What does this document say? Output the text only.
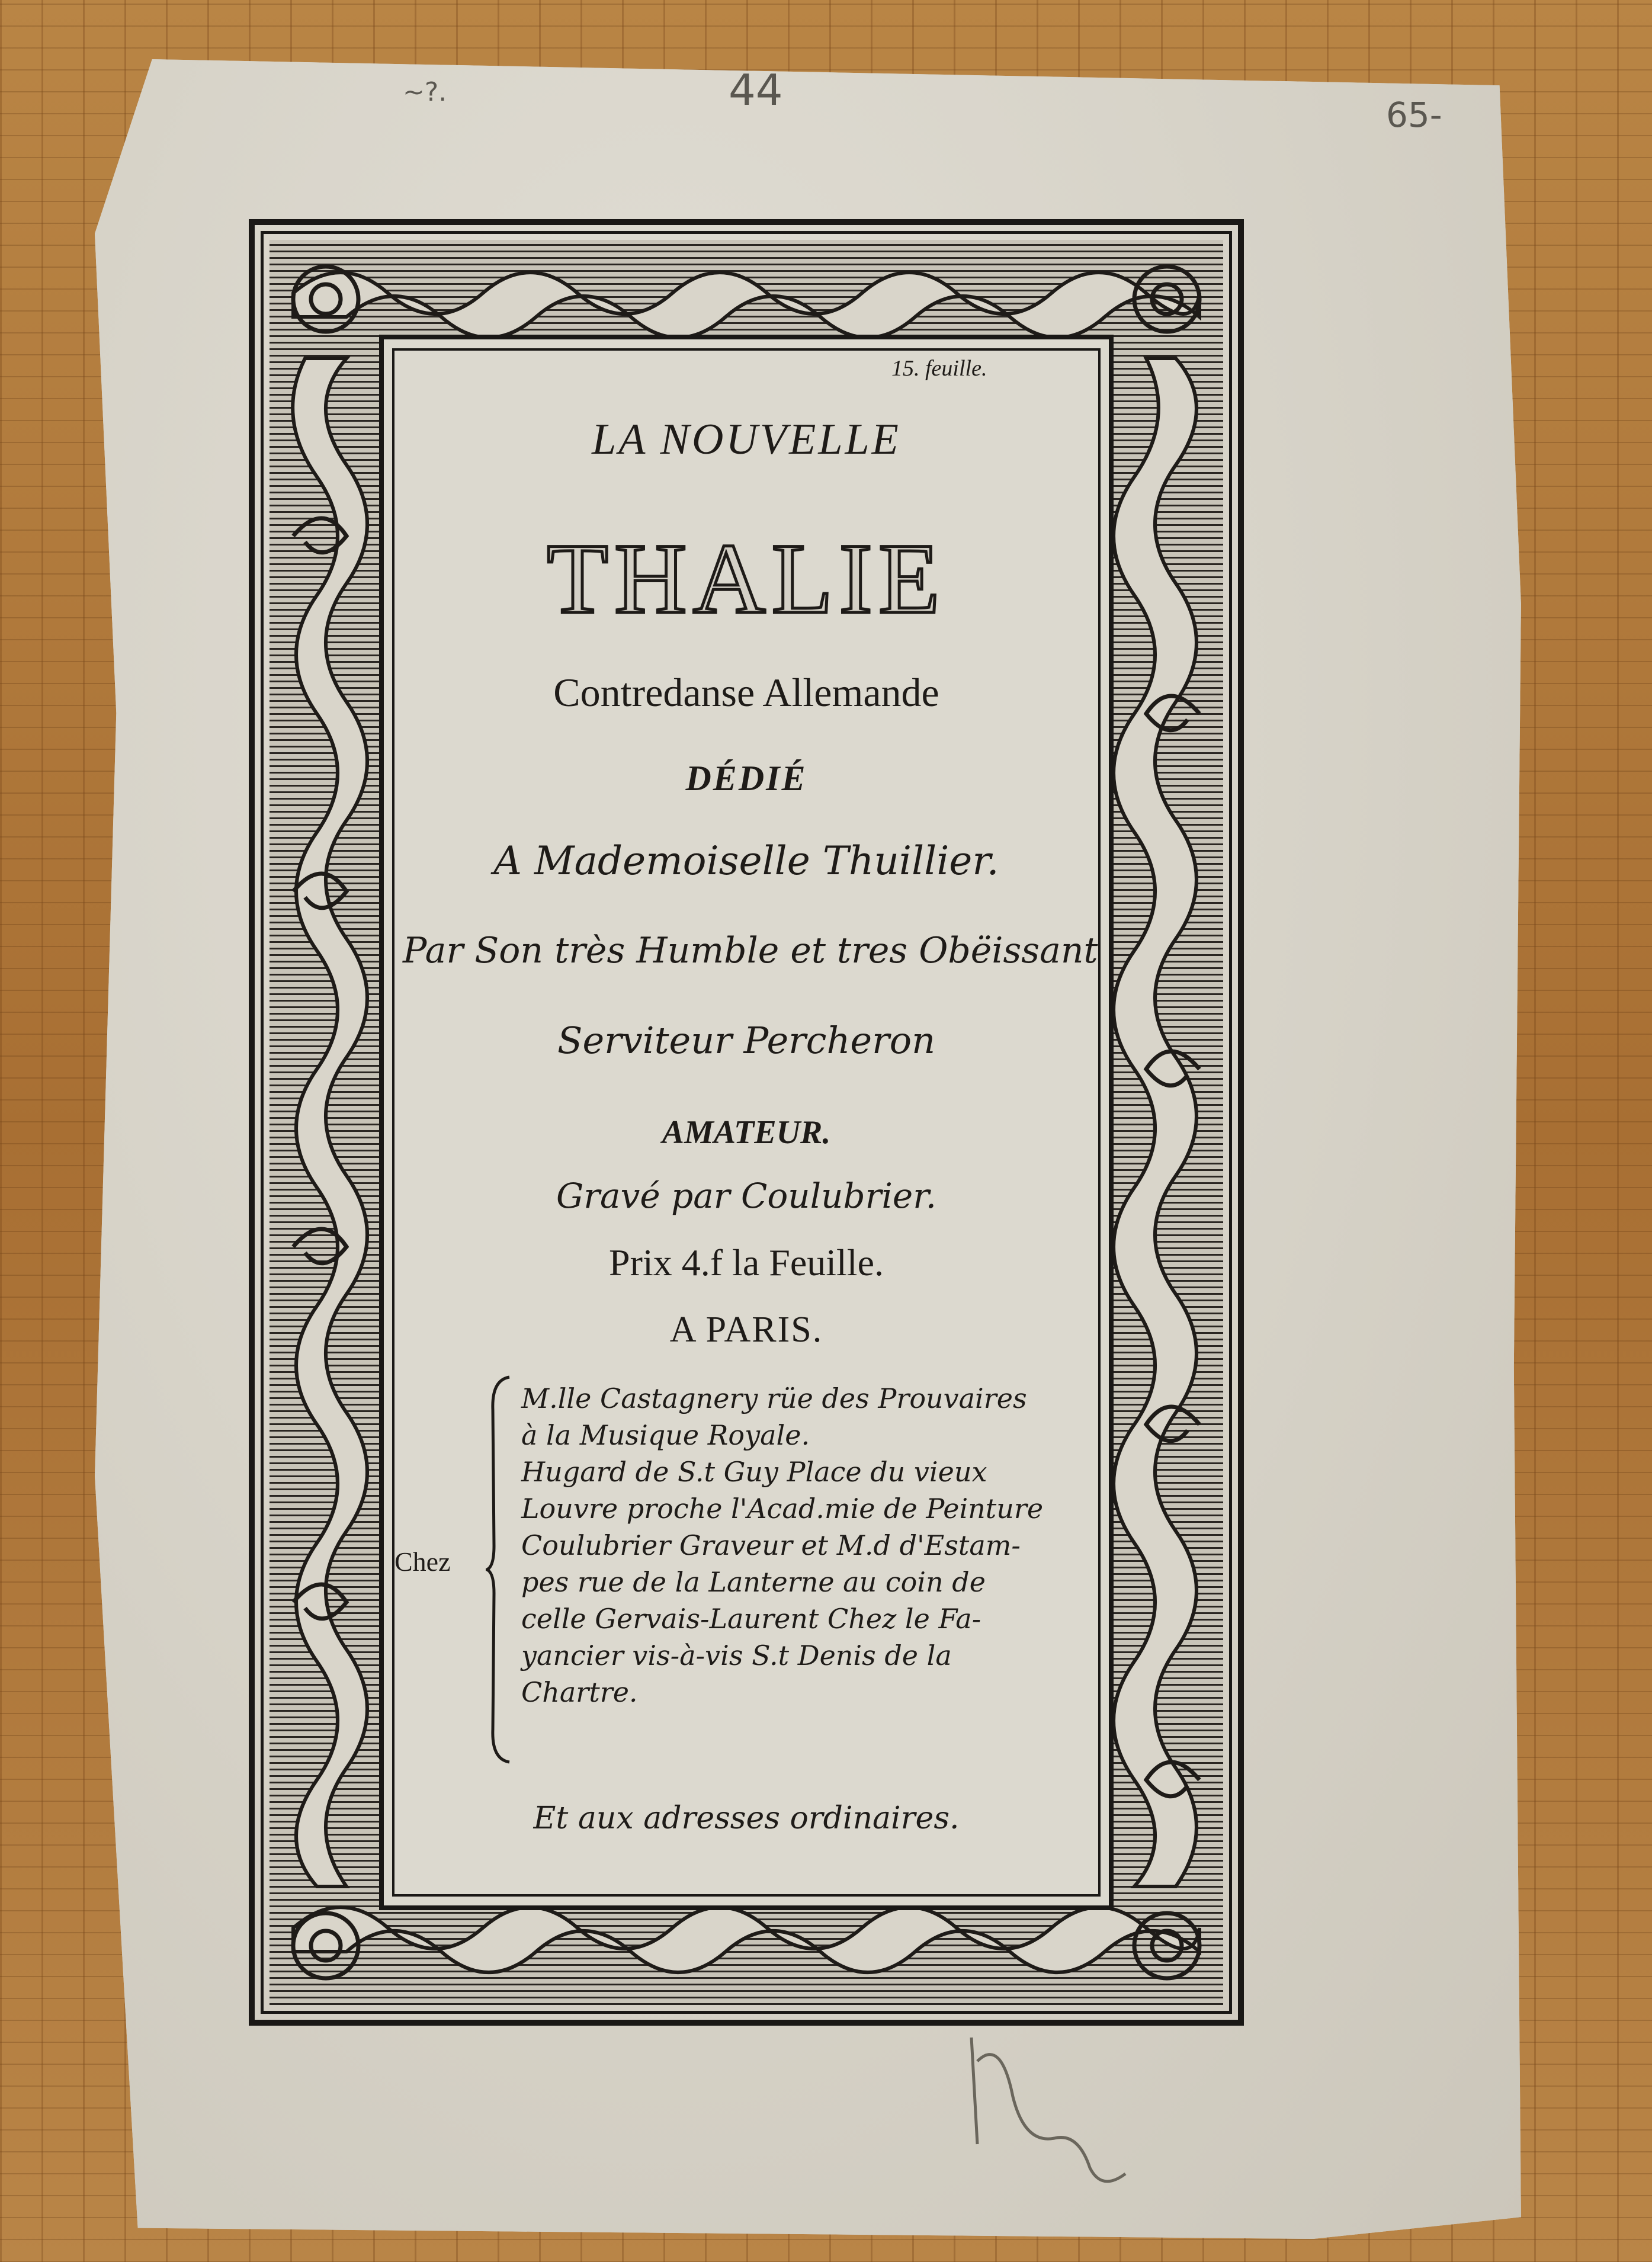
44	65-
~?.
15. feuille.
LA NOUVELLE
THALIE
Contredanse Allemande
DÉDIÉ
A Mademoiselle Thuillier.
Par Son très Humble et tres Obëissant
Serviteur Percheron
AMATEUR.
Gravé par Coulubrier.
Prix 4.f la Feuille.
A PARIS.
Chez
M.lle Castagnery rüe des Prouvaires
à la Musique Royale.
Hugard de S.t Guy Place du vieux
Louvre proche l'Acad.mie de Peinture
Coulubrier Graveur et M.d d'Estam-
pes rue de la Lanterne au coin de
celle Gervais-Laurent Chez le Fa-
yancier vis-à-vis S.t Denis de la
Chartre.
Et aux adresses ordinaires.
